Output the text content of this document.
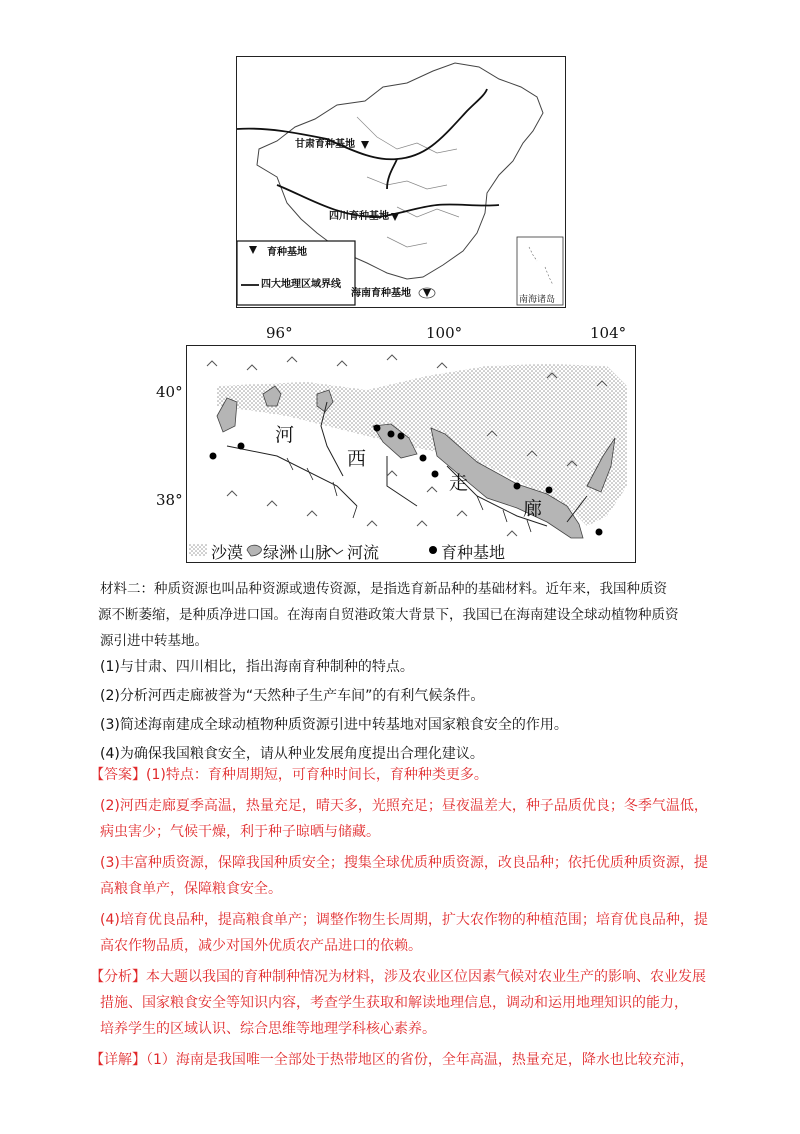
甘肃育种基地
四川育种基地
海南育种基地
育种基地
四大地理区域界线
南海诸岛
96°	100°	104°
40°
38°
河
西
走
廊
沙漠 绿洲 山脉 河流	育种基地

材料二：种质资源也叫品种资源或遗传资源，是指选育新品种的基础材料。近年来，我国种质资

源不断萎缩，是种质净进口国。在海南自贸港政策大背景下，我国已在海南建设全球动植物种质资

源引进中转基地。

(1)与甘肃、四川相比，指出海南育种制种的特点。

(2)分析河西走廊被誉为“天然种子生产车间”的有利气候条件。

(3)简述海南建成全球动植物种质资源引进中转基地对国家粮食安全的作用。

(4)为确保我国粮食安全，请从种业发展角度提出合理化建议。

【答案】(1)特点：育种周期短，可育种时间长，育种种类更多。

(2)河西走廊夏季高温，热量充足，晴天多，光照充足；昼夜温差大，种子品质优良；冬季气温低，

病虫害少；气候干燥，利于种子晾晒与储藏。

(3)丰富种质资源，保障我国种质安全；搜集全球优质种质资源，改良品种；依托优质种质资源，提

高粮食单产，保障粮食安全。

(4)培育优良品种，提高粮食单产；调整作物生长周期，扩大农作物的种植范围；培育优良品种，提

高农作物品质，减少对国外优质农产品进口的依赖。

【分析】本大题以我国的育种制种情况为材料，涉及农业区位因素气候对农业生产的影响、农业发展

措施、国家粮食安全等知识内容，考查学生获取和解读地理信息，调动和运用地理知识的能力，

培养学生的区域认识、综合思维等地理学科核心素养。

【详解】（1）海南是我国唯一全部处于热带地区的省份，全年高温，热量充足，降水也比较充沛，
